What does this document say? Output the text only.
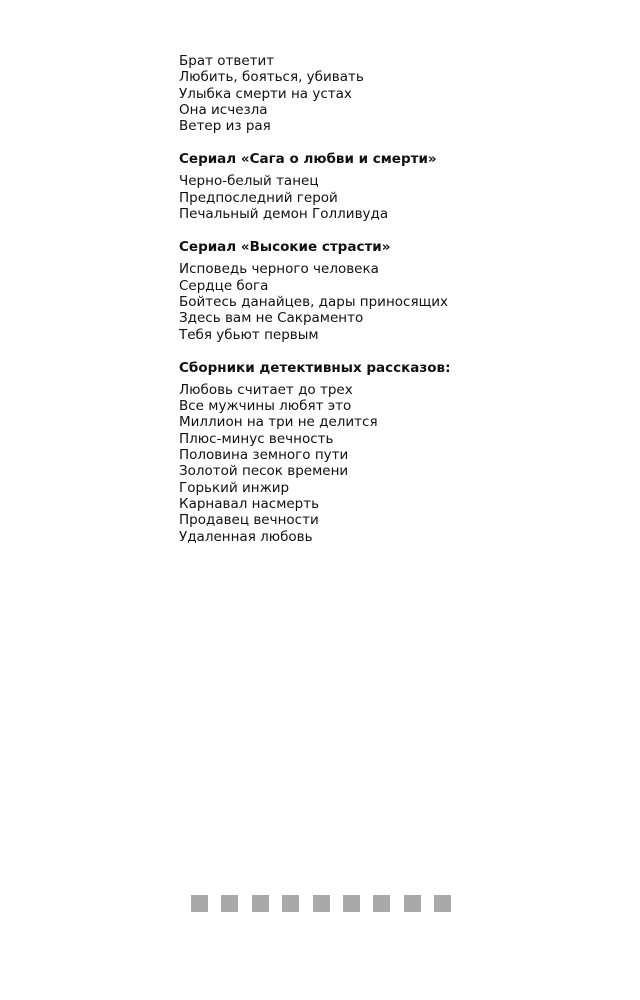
Брат ответит
Любить, бояться, убивать
Улыбка смерти на устах
Она исчезла
Ветер из рая
Сериал «Сага о любви и смерти»
Черно-белый танец
Предпоследний герой
Печальный демон Голливуда
Сериал «Высокие страсти»
Исповедь черного человека
Сердце бога
Бойтесь данайцев, дары приносящих
Здесь вам не Сакраменто
Тебя убьют первым
Сборники детективных рассказов:
Любовь считает до трех
Все мужчины любят это
Миллион на три не делится
Плюс-минус вечность
Половина земного пути
Золотой песок времени
Горький инжир
Карнавал насмерть
Продавец вечности
Удаленная любовь
